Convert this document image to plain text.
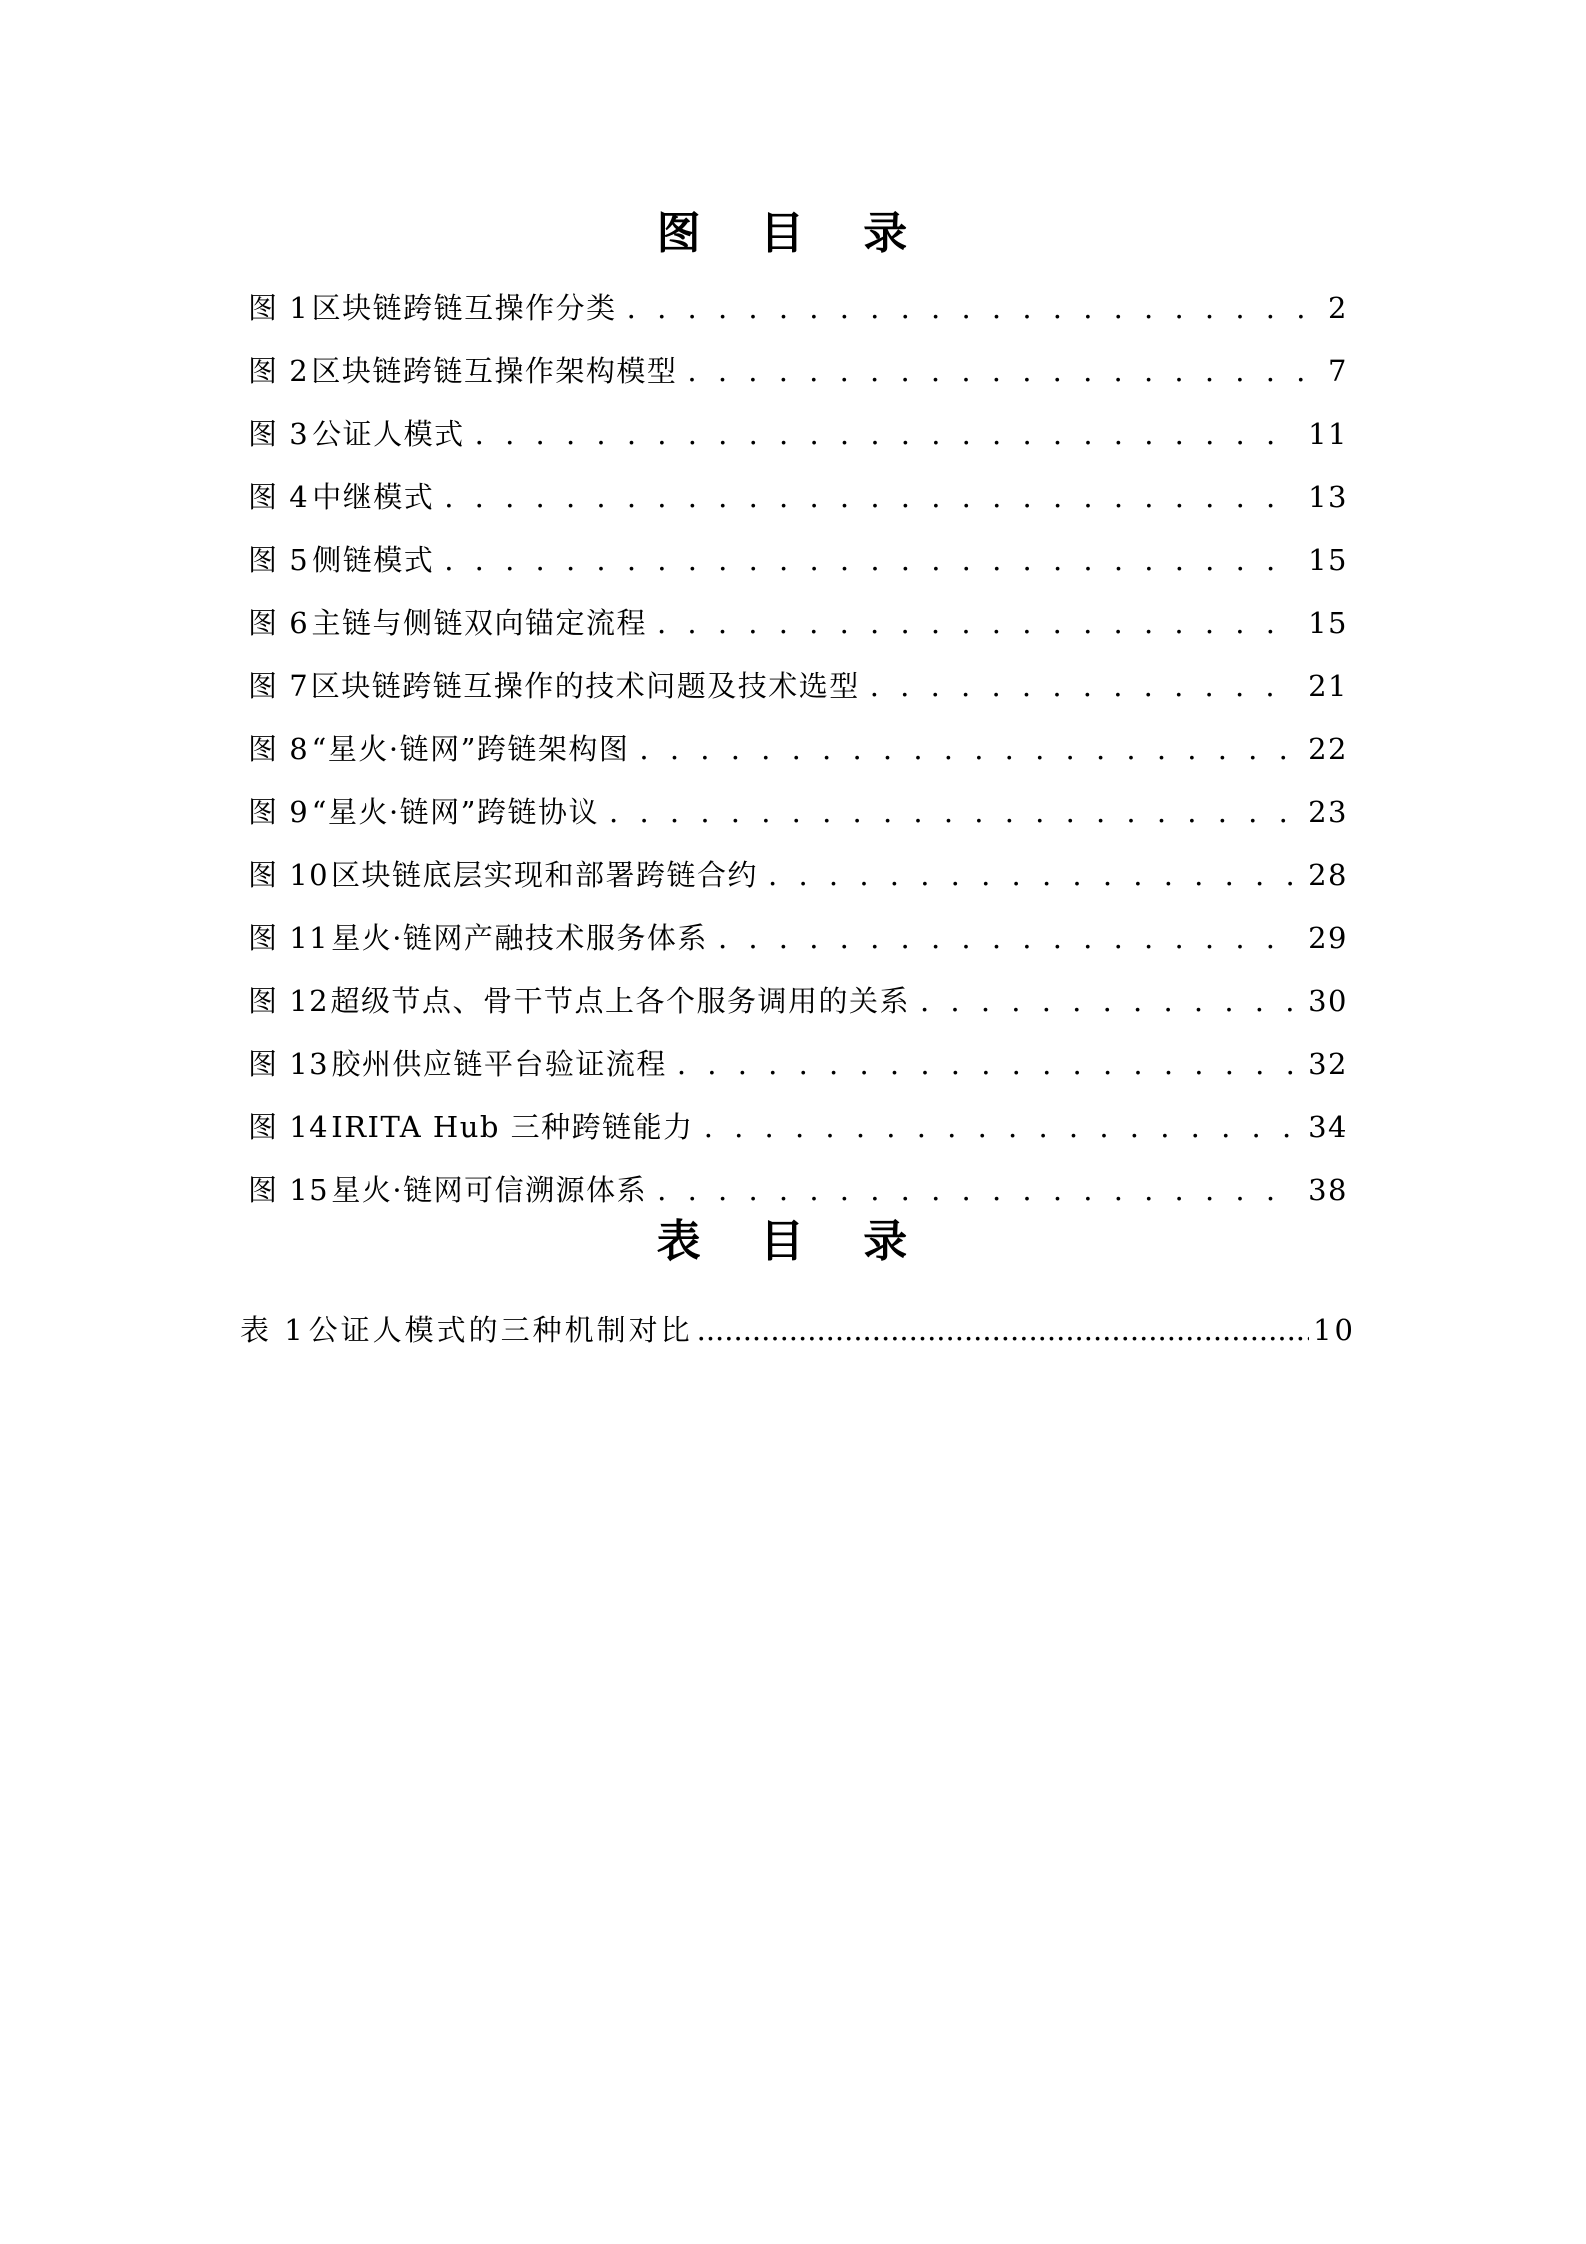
图 目 录
图 1 区块链跨链互操作分类 . . .	2
图 2 区块链跨链互操作架构模型 . . .	7
图 3 公证人模式 . . .	11
图 4 中继模式 . . .	13
图 5 侧链模式 . . .	15
图 6 主链与侧链双向锚定流程 . . .	15
图 7 区块链跨链互操作的技术问题及技术选型 . . .	21
图 8 “星火·链网”跨链架构图 . . .	22
图 9 “星火·链网”跨链协议 . . .	23
图 10 区块链底层实现和部署跨链合约 . . .	28
图 11 星火·链网产融技术服务体系 . . .	29
图 12 超级节点、骨干节点上各个服务调用的关系 . . .	30
图 13 胶州供应链平台验证流程 . . .	32
图 14 IRITA Hub 三种跨链能力 . . .	34
图 15 星火·链网可信溯源体系 . . .	38
表 目 录
表 1 公证人模式的三种机制对比 .....	10
